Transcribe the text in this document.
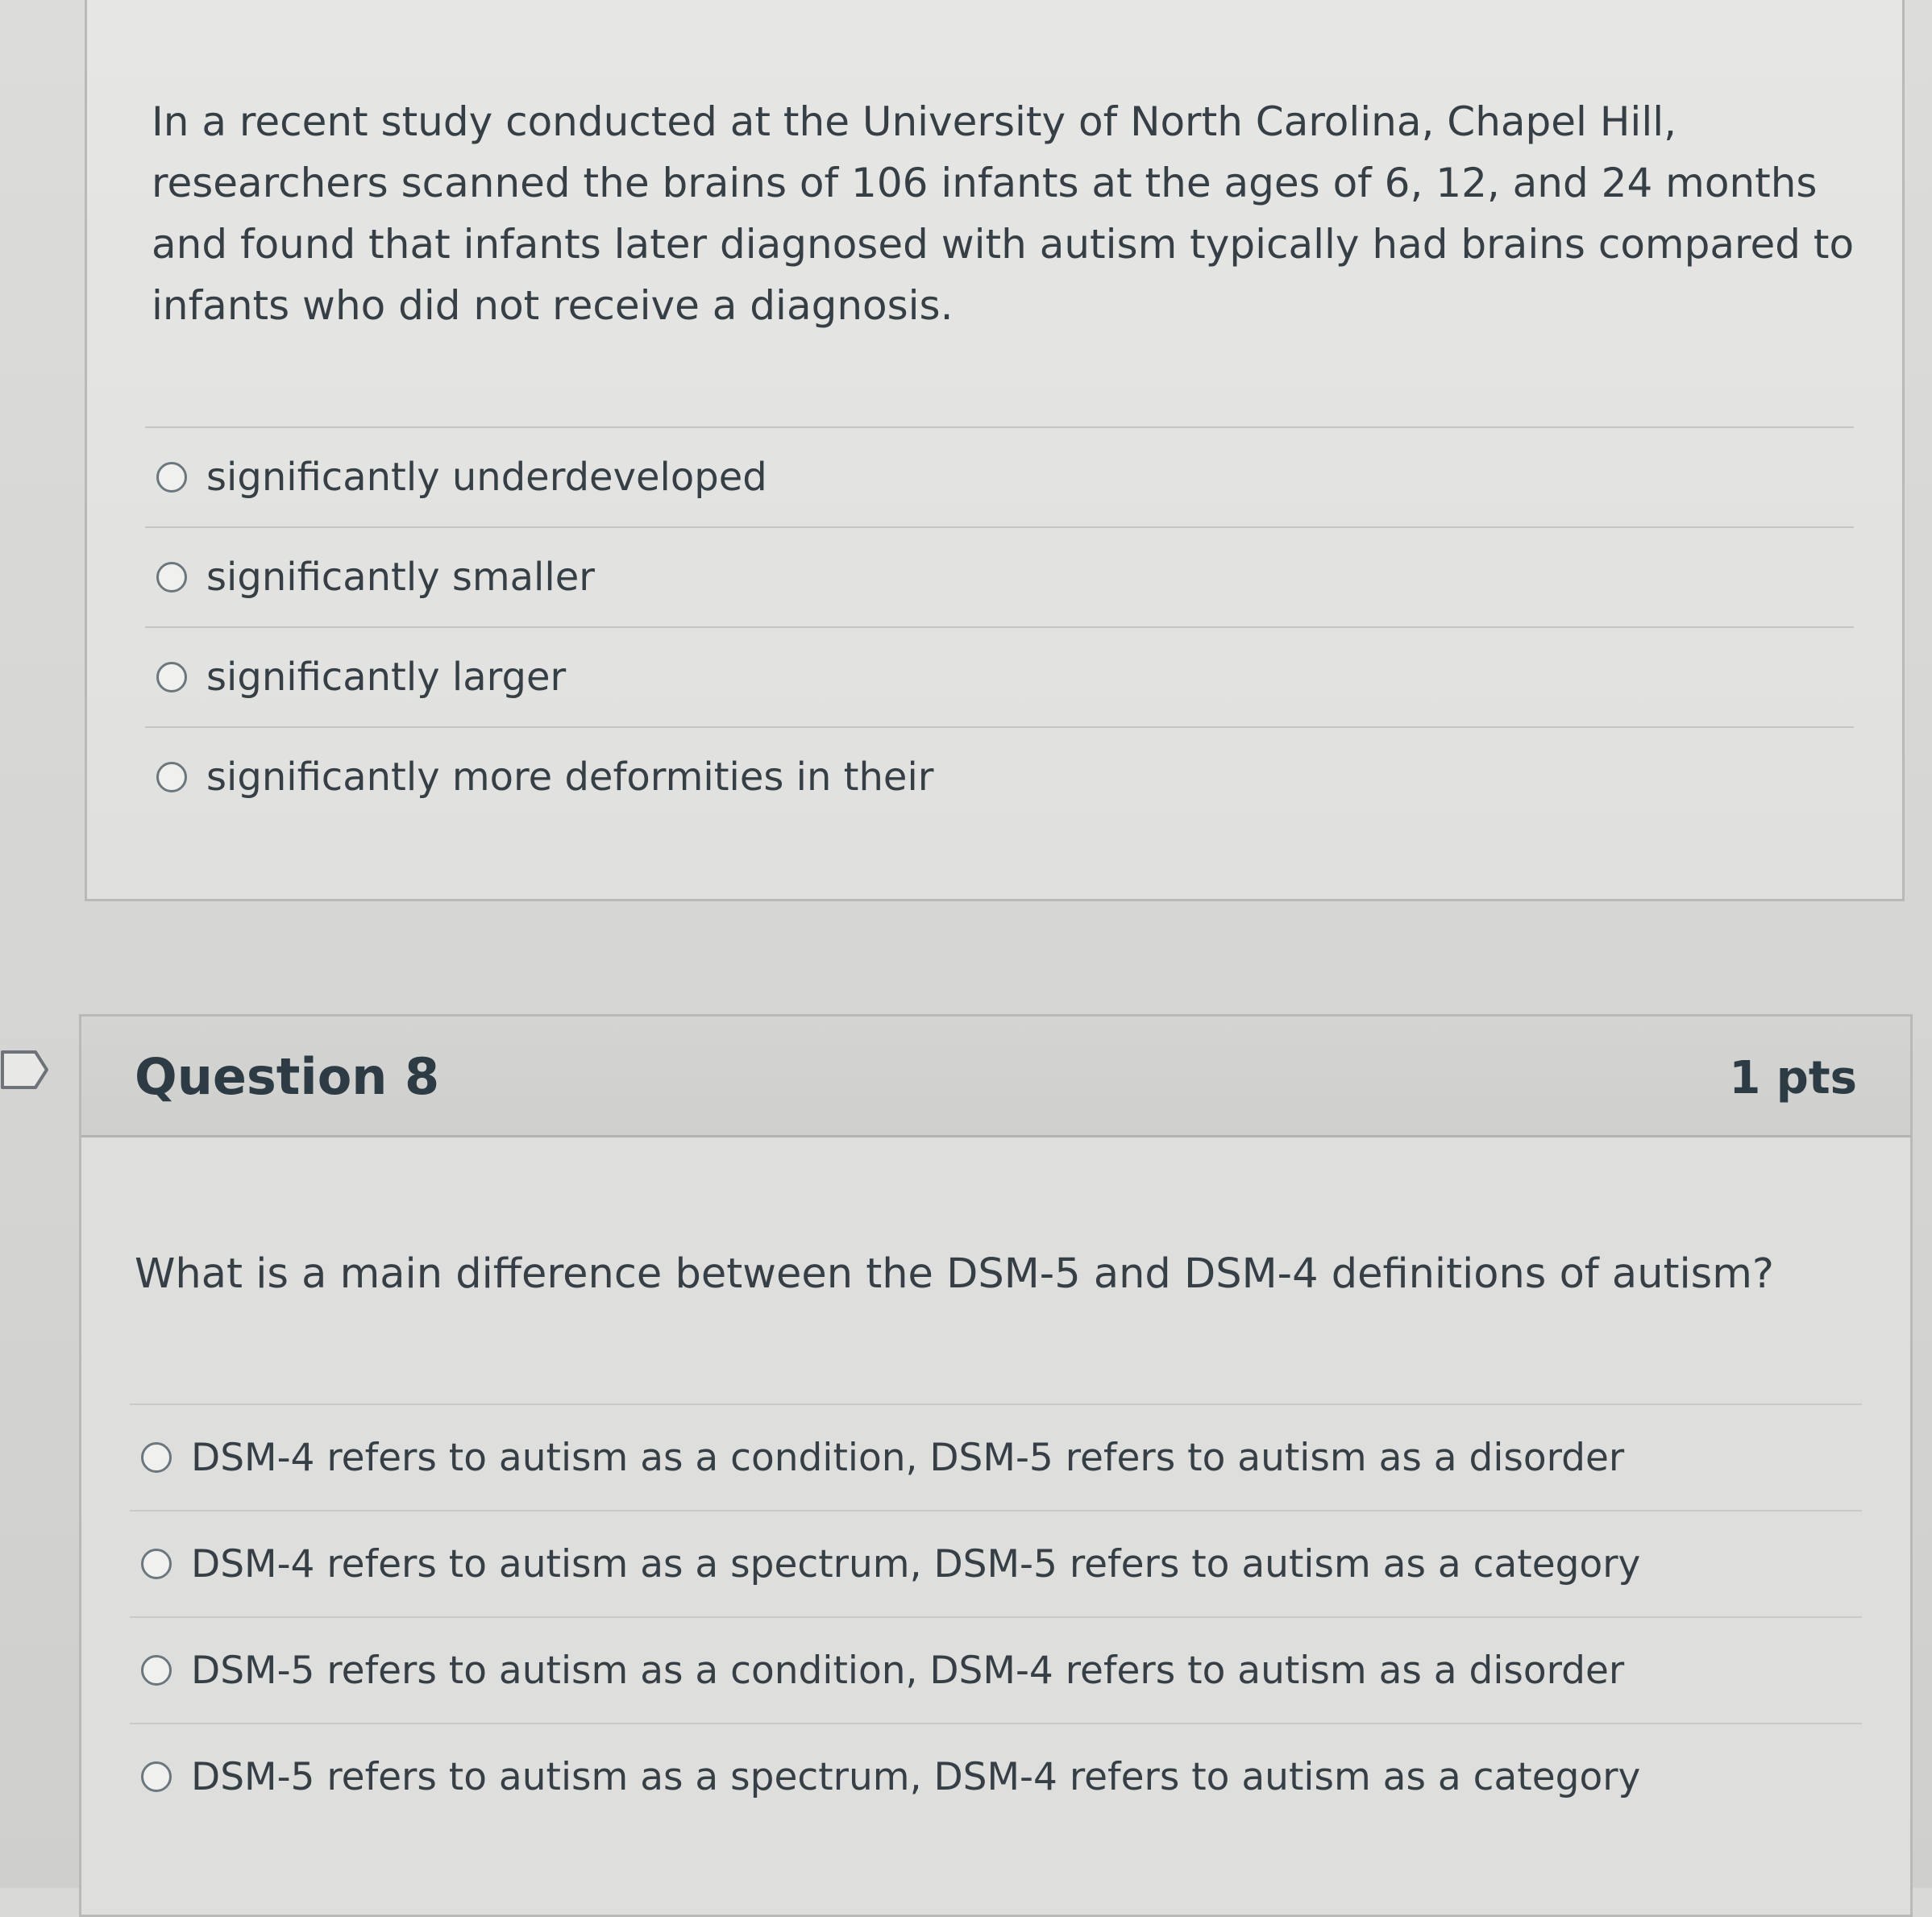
In a recent study conducted at the University of North Carolina, Chapel Hill, researchers scanned the brains of 106 infants at the ages of 6, 12, and 24 months and found that infants later diagnosed with autism typically had brains compared to infants who did not receive a diagnosis.
significantly underdeveloped
significantly smaller
significantly larger
significantly more deformities in their
Question 8	1 pts
What is a main difference between the DSM-5 and DSM-4 definitions of autism?
DSM-4 refers to autism as a condition, DSM-5 refers to autism as a disorder
DSM-4 refers to autism as a spectrum, DSM-5 refers to autism as a category
DSM-5 refers to autism as a condition, DSM-4 refers to autism as a disorder
DSM-5 refers to autism as a spectrum, DSM-4 refers to autism as a category
